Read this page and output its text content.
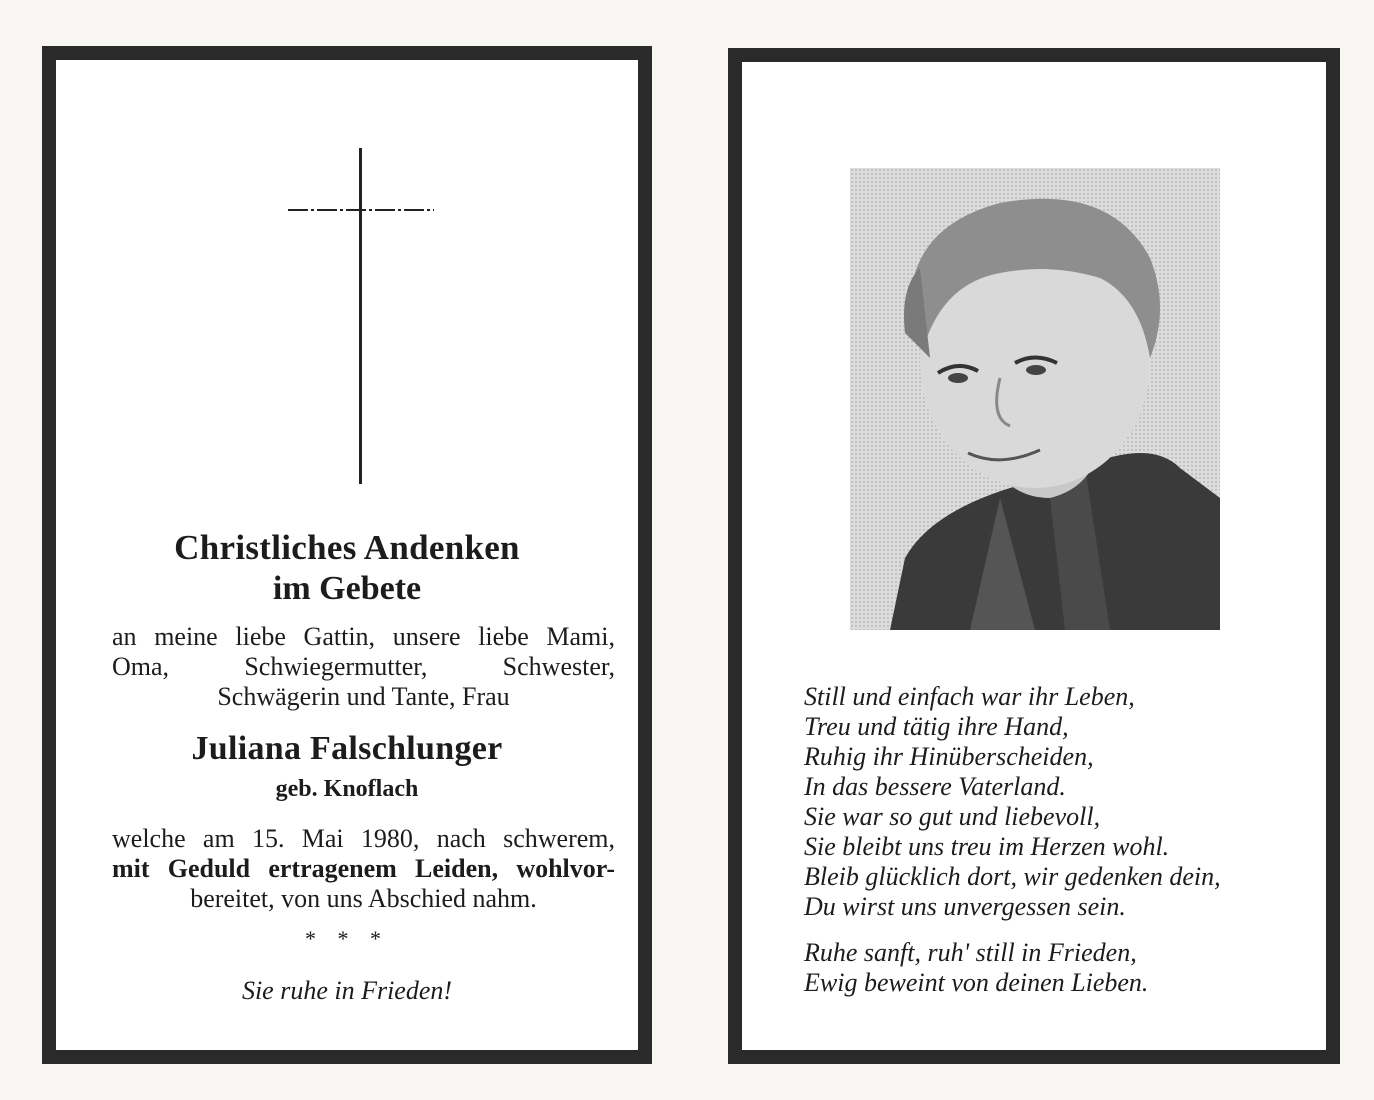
Christliches Andenken
im Gebete
an meine liebe Gattin, unsere liebe Mami,
Oma, Schwiegermutter, Schwester,
Schwägerin und Tante, Frau
Juliana Falschlunger
geb. Knoflach
welche am 15. Mai 1980, nach schwerem,
mit Geduld ertragenem Leiden, wohlvor-
bereitet, von uns Abschied nahm.
* * *
Sie ruhe in Frieden!
Still und einfach war ihr Leben,
Treu und tätig ihre Hand,
Ruhig ihr Hinüberscheiden,
In das bessere Vaterland.
Sie war so gut und liebevoll,
Sie bleibt uns treu im Herzen wohl.
Bleib glücklich dort, wir gedenken dein,
Du wirst uns unvergessen sein.
Ruhe sanft, ruh' still in Frieden,
Ewig beweint von deinen Lieben.
